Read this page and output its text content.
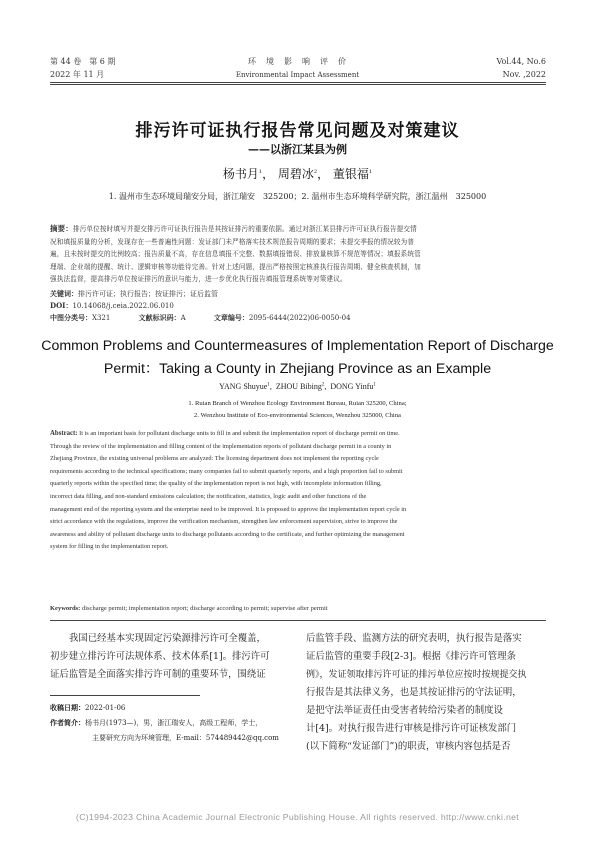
第 44 卷　第 6 期
2022 年 11 月
环　境　影　响　评　价
Environmental Impact Assessment
Vol.44, No.6
Nov. ,2022
排污许可证执行报告常见问题及对策建议
——以浙江某县为例
杨书月$^1$， 周碧冰$^2$， 董银福$^1$
1. 温州市生态环境局瑞安分局，浙江瑞安　325200；2. 温州市生态环境科学研究院，浙江温州　325000
摘要：排污单位按时填写并提交排污许可证执行报告是其按证排污的重要依据。通过对浙江某县排污许可证执行报告提交情
况和填报质量的分析，发现存在一些普遍性问题：发证部门未严格落实技术规范报告周期的要求；未提交季报的情况较为普
遍，且未按时提交的比例较高；报告质量不高，存在信息填报不完整、数据填报错误、排放量核算不规范等情况；填报系统管
理端、企业端的提醒、统计、逻辑审核等功能待完善。针对上述问题，提出严格按照定核准执行报告周期、健全核查机制，加
强执法监督，提高排污单位按证排污的意识与能力，进一步优化执行报告填报管理系统等对策建议。
关键词：排污许可证；执行报告；按证排污；证后监管
DOI：10.14068/j.ceia.2022.06.010
中图分类号：X321	文献标识码：A	文章编号：2095-6444(2022)06-0050-04
Common Problems and Countermeasures of Implementation Report of Discharge
Permit：Taking a County in Zhejiang Province as an Example
YANG Shuyue$^1$,  ZHOU Bibing$^2$,  DONG Yinfu$^1$
1. Ruian Branch of Wenzhou Ecology Environment Bureau, Ruian 325200, China;
2. Wenzhou Institute of Eco-environmental Sciences, Wenzhou 325000, China
Abstract: It is an important basis for pollutant discharge units to fill in and submit the implementation report of discharge permit on time.
Through the review of the implementation and filling content of the implementation reports of pollutant discharge permit in a county in
Zhejiang Province, the existing universal problems are analyzed: The licensing department does not implement the reporting cycle
requirements according to the technical specifications; many companies fail to submit quarterly reports, and a high proportion fail to submit
quarterly reports within the specified time; the quality of the implementation report is not high, with incomplete information filling,
incorrect data filling, and non-standard emissions calculation; the notification, statistics, logic audit and other functions of the
management end of the reporting system and the enterprise need to be improved. It is proposed to approve the implementation report cycle in
strict accordance with the regulations, improve the verification mechanism, strengthen law enforcement supervision, strive to improve the
awareness and ability of pollutant discharge units to discharge pollutants according to the certificate, and further optimizing the management
system for filling in the implementation report.
Keywords: discharge permit; implementation report; discharge according to permit; supervise after permit
我国已经基本实现固定污染源排污许可全覆盖，
初步建立排污许可法规体系、技术体系[1]。排污许可
证后监管是全面落实排污许可制的重要环节，围绕证
后监管手段、监测方法的研究表明，执行报告是落实
证后监管的重要手段[2-3]。根据《排污许可管理条
例》，发证领取排污许可证的排污单位应按时按规提交执
行报告是其法律义务，也是其按证排污的守法证明，
是把守法举证责任由受害者转给污染者的制度设
计[4]。对执行报告进行审核是排污许可证核发部门
(以下简称“发证部门”)的职责，审核内容包括是否
收稿日期：2022-01-06
作者简介：杨书月(1973—)，男，浙江瑞安人，高级工程师，学士，
主要研究方向为环境管理，E-mail：574489442@qq.com
(C)1994-2023 China Academic Journal Electronic Publishing House. All rights reserved. http://www.cnki.net
